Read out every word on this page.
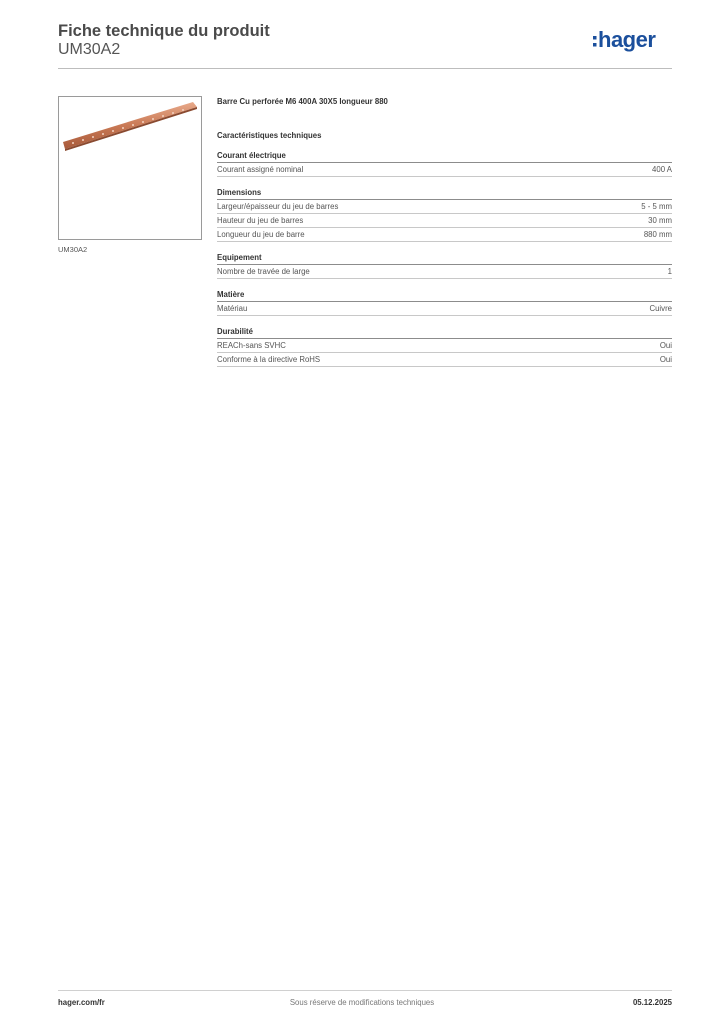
Fiche technique du produit
UM30A2	hager
UM30A2
Barre Cu perforée M6 400A 30X5 longueur 880
Caractéristiques techniques
Courant électrique
Courant assigné nominal	400 A
Dimensions
Largeur/épaisseur du jeu de barres	5 - 5 mm
Hauteur du jeu de barres	30 mm
Longueur du jeu de barre	880 mm
Equipement
Nombre de travée de large	1
Matière
Matériau	Cuivre
Durabilité
REACh-sans SVHC	Oui
Conforme à la directive RoHS	Oui
hager.com/fr	Sous réserve de modifications techniques	05.12.2025
